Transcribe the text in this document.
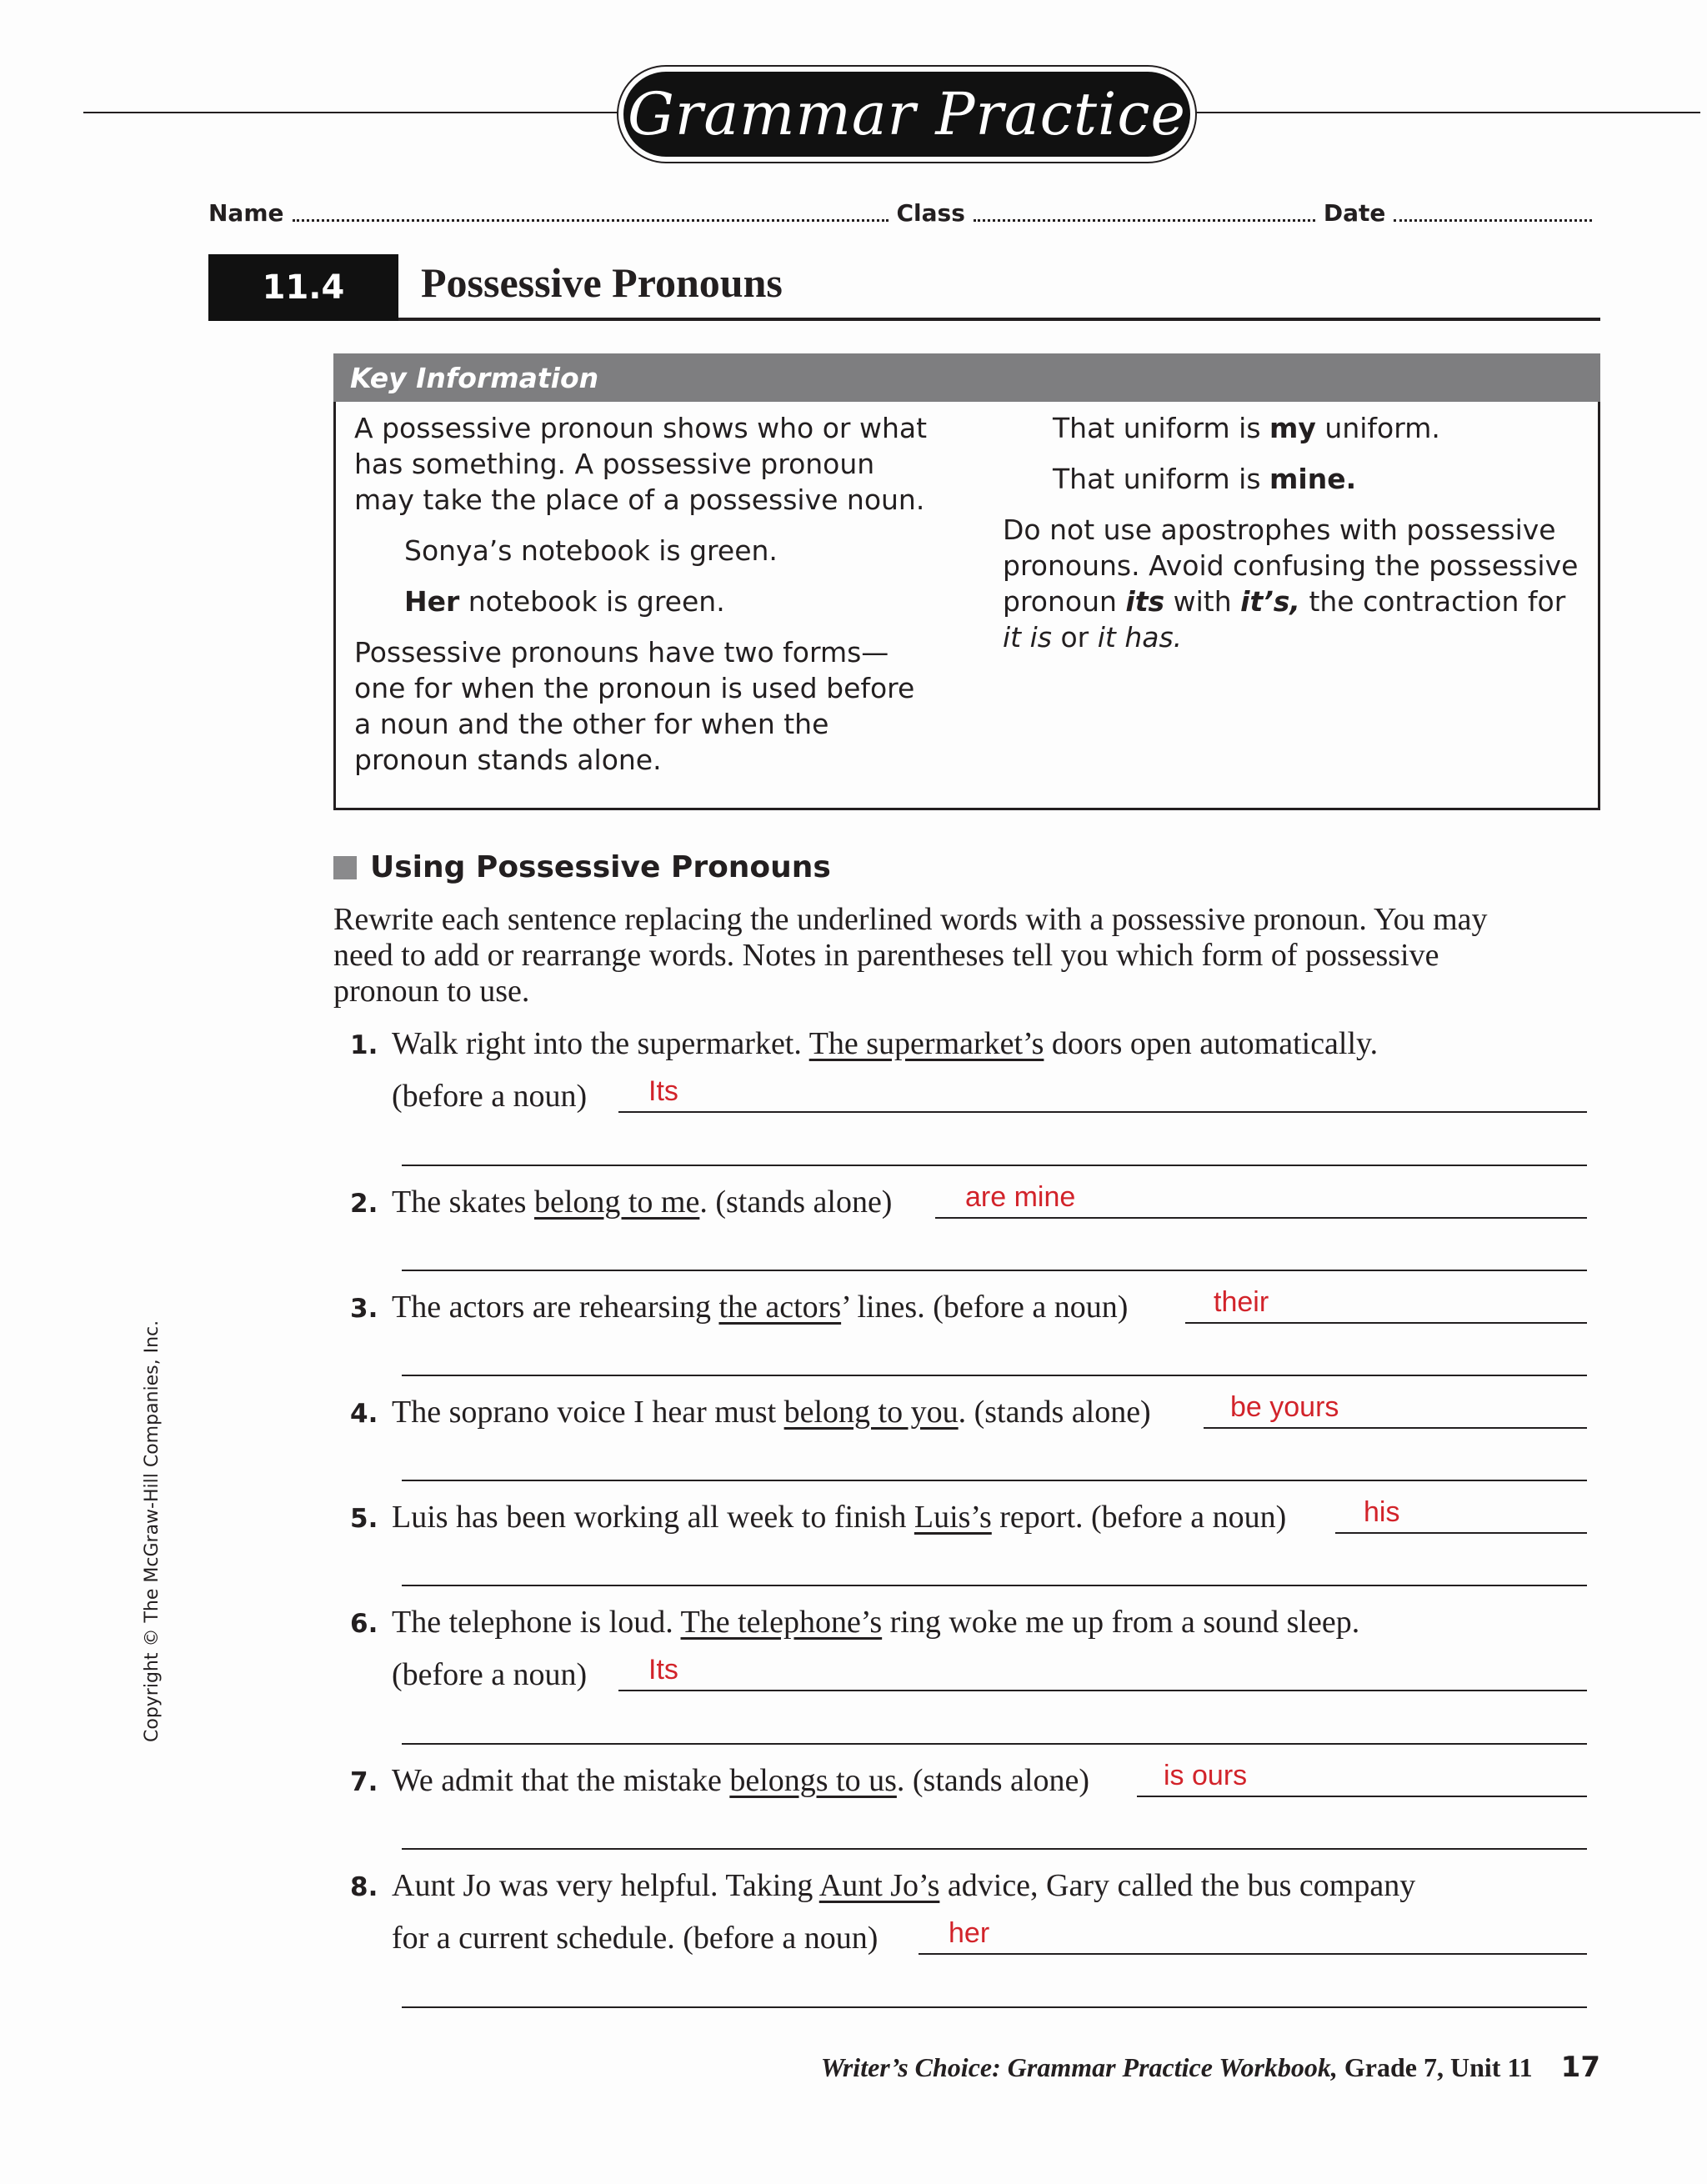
Grammar Practice
Name	Class	Date
11.4	Possessive Pronouns
Key Information

A possessive pronoun shows who or what has something. A possessive pronoun may take the place of a possessive noun.

Sonya’s notebook is green.

Her notebook is green.

Possessive pronouns have two forms—one for when the pronoun is used before a noun and the other for when the pronoun stands alone.

That uniform is my uniform.

That uniform is mine.

Do not use apostrophes with possessive pronouns. Avoid confusing the possessive pronoun its with it’s, the contraction for it is or it has.

Using Possessive Pronouns

Rewrite each sentence replacing the underlined words with a possessive pronoun. You may need to add or rearrange words. Notes in parentheses tell you which form of possessive pronoun to use.

1. Walk right into the supermarket. The supermarket’s doors open automatically.
(before a noun) Its
2. The skates belong to me. (stands alone)	are mine
3. The actors are rehearsing the actors’ lines. (before a noun)	their
4. The soprano voice I hear must belong to you. (stands alone)	be yours
5. Luis has been working all week to finish Luis’s report. (before a noun)	his
6. The telephone is loud. The telephone’s ring woke me up from a sound sleep.
(before a noun) Its
7. We admit that the mistake belongs to us. (stands alone)	is ours
8. Aunt Jo was very helpful. Taking Aunt Jo’s advice, Gary called the bus company
for a current schedule. (before a noun) her
Writer’s Choice: Grammar Practice Workbook, Grade 7, Unit 11 17
Copyright © The McGraw-Hill Companies, Inc.
